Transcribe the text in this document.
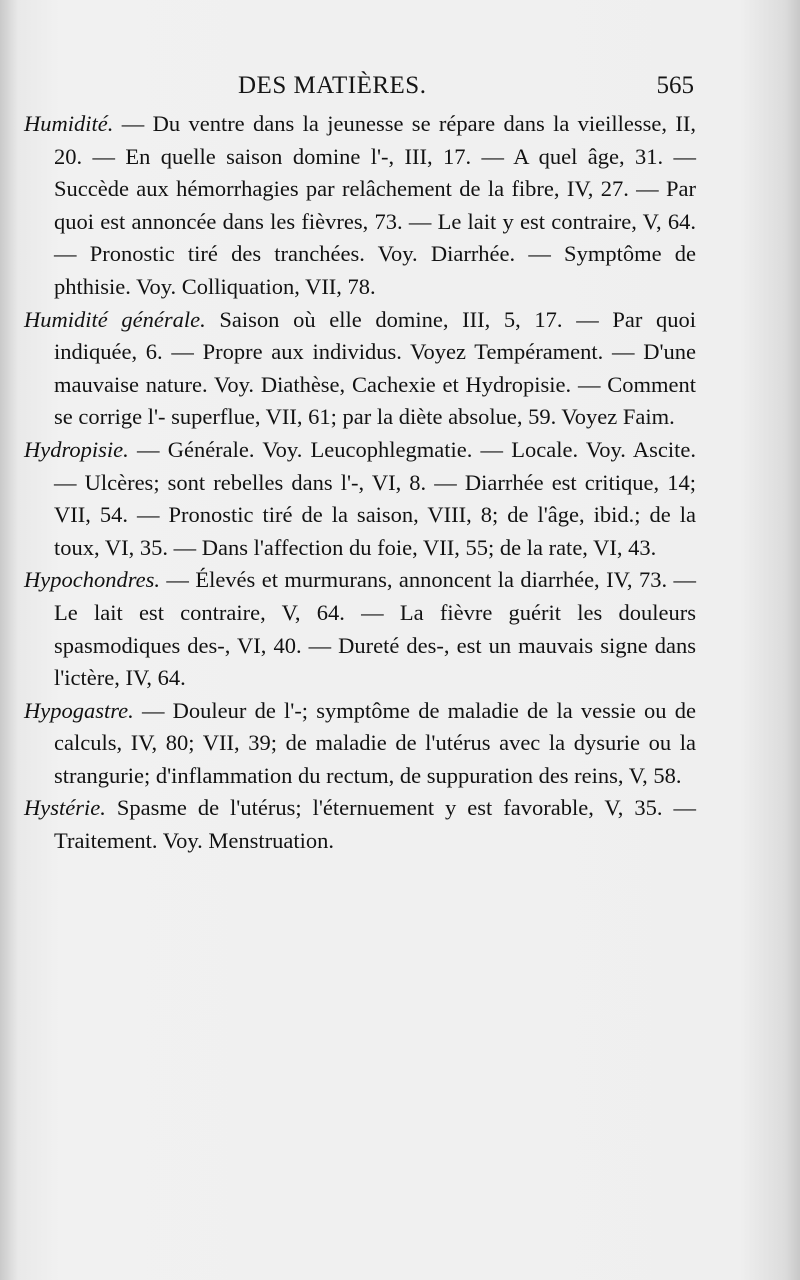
DES MATIÈRES.	565

Humidité. — Du ventre dans la jeunesse se répare dans la vieillesse, II, 20. — En quelle saison domine l'-, III, 17. — A quel âge, 31. — Succède aux hémorrhagies par relâchement de la fibre, IV, 27. — Par quoi est annoncée dans les fièvres, 73. — Le lait y est contraire, V, 64. — Pronostic tiré des tranchées. Voy. Diarrhée. — Symptôme de phthisie. Voy. Colliquation, VII, 78.

Humidité générale. Saison où elle domine, III, 5, 17. — Par quoi indiquée, 6. — Propre aux individus. Voyez Tempérament. — D'une mauvaise nature. Voy. Diathèse, Cachexie et Hydropisie. — Comment se corrige l'- superflue, VII, 61; par la diète absolue, 59. Voyez Faim.

Hydropisie. — Générale. Voy. Leucophlegmatie. — Locale. Voy. Ascite. — Ulcères; sont rebelles dans l'-, VI, 8. — Diarrhée est critique, 14; VII, 54. — Pronostic tiré de la saison, VIII, 8; de l'âge, ibid.; de la toux, VI, 35. — Dans l'affection du foie, VII, 55; de la rate, VI, 43.

Hypochondres. — Élevés et murmurans, annoncent la diarrhée, IV, 73. — Le lait est contraire, V, 64. — La fièvre guérit les douleurs spasmodiques des-, VI, 40. — Dureté des-, est un mauvais signe dans l'ictère, IV, 64.

Hypogastre. — Douleur de l'-; symptôme de maladie de la vessie ou de calculs, IV, 80; VII, 39; de maladie de l'utérus avec la dysurie ou la strangurie; d'inflammation du rectum, de suppuration des reins, V, 58.

Hystérie. Spasme de l'utérus; l'éternuement y est favorable, V, 35. — Traitement. Voy. Menstruation.
